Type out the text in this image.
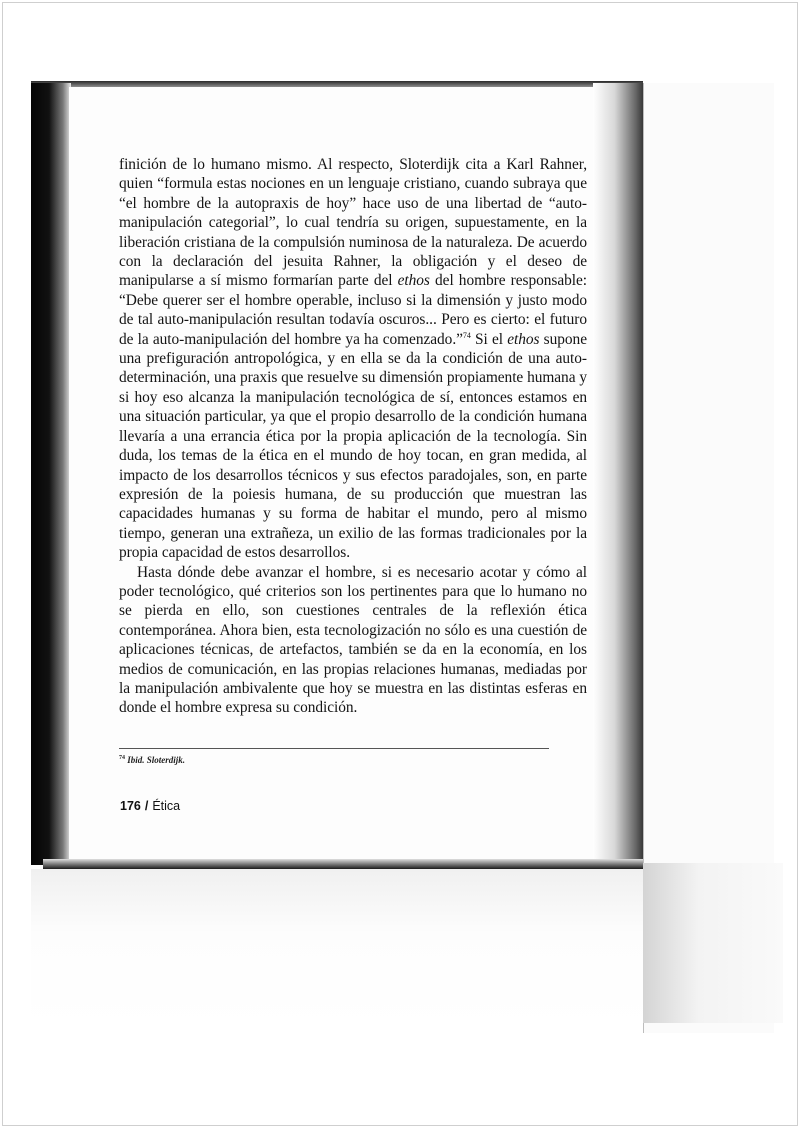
finición de lo humano mismo. Al respecto, Sloterdijk cita a Karl Rahner, quien “formula estas nociones en un lenguaje cristiano, cuando subraya que “el hombre de la autopraxis de hoy” hace uso de una libertad de “auto-manipulación categorial”, lo cual tendría su origen, supuestamente, en la liberación cristiana de la compulsión numinosa de la naturaleza. De acuerdo con la declaración del jesuita Rahner, la obligación y el deseo de manipularse a sí mismo formarían parte del ethos del hombre responsable: “Debe querer ser el hombre operable, incluso si la dimensión y justo modo de tal auto-manipulación resultan todavía oscuros... Pero es cierto: el futuro de la auto-manipulación del hombre ya ha comenzado.”$^{74}$ Si el ethos supone una prefiguración antropológica, y en ella se da la condición de una auto-determinación, una praxis que resuelve su dimensión propiamente humana y si hoy eso alcanza la manipulación tecnológica de sí, entonces estamos en una situación particular, ya que el propio desarrollo de la condición humana llevaría a una errancia ética por la propia aplicación de la tecnología. Sin duda, los temas de la ética en el mundo de hoy tocan, en gran medida, al impacto de los desarrollos técnicos y sus efectos paradojales, son, en parte expresión de la poiesis humana, de su producción que muestran las capacidades humanas y su forma de habitar el mundo, pero al mismo tiempo, generan una extrañeza, un exilio de las formas tradicionales por la propia capacidad de estos desarrollos.

Hasta dónde debe avanzar el hombre, si es necesario acotar y cómo al poder tecnológico, qué criterios son los pertinentes para que lo humano no se pierda en ello, son cuestiones centrales de la reflexión ética contemporánea. Ahora bien, esta tecnologización no sólo es una cuestión de aplicaciones técnicas, de artefactos, también se da en la economía, en los medios de comunicación, en las propias relaciones humanas, mediadas por la manipulación ambivalente que hoy se muestra en las distintas esferas en donde el hombre expresa su condición.

$^{74}$ Ibid. Sloterdijk.
176 / Ética
